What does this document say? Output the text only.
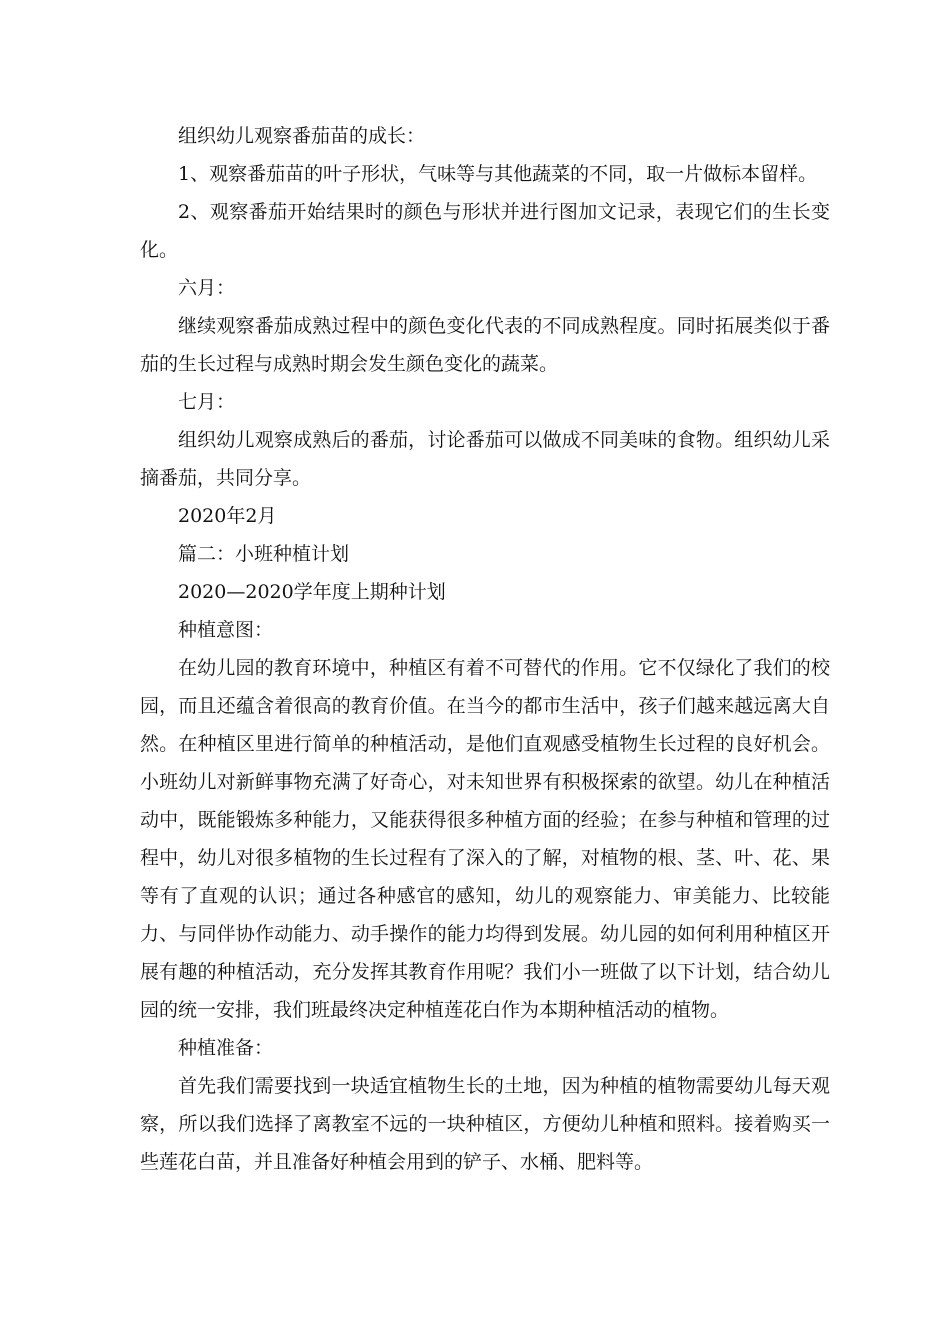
组织幼儿观察番茄苗的成长：

1、观察番茄苗的叶子形状，气味等与其他蔬菜的不同，取一片做标本留样。

2、观察番茄开始结果时的颜色与形状并进行图加文记录，表现它们的生长变化。

六月：

继续观察番茄成熟过程中的颜色变化代表的不同成熟程度。同时拓展类似于番茄的生长过程与成熟时期会发生颜色变化的蔬菜。

七月：

组织幼儿观察成熟后的番茄，讨论番茄可以做成不同美味的食物。组织幼儿采摘番茄，共同分享。

2020年2月

篇二：小班种植计划

2020—2020学年度上期种计划

种植意图：

在幼儿园的教育环境中，种植区有着不可替代的作用。它不仅绿化了我们的校园，而且还蕴含着很高的教育价值。在当今的都市生活中，孩子们越来越远离大自然。在种植区里进行简单的种植活动，是他们直观感受植物生长过程的良好机会。小班幼儿对新鲜事物充满了好奇心，对未知世界有积极探索的欲望。幼儿在种植活动中，既能锻炼多种能力，又能获得很多种植方面的经验；在参与种植和管理的过程中，幼儿对很多植物的生长过程有了深入的了解，对植物的根、茎、叶、花、果等有了直观的认识；通过各种感官的感知，幼儿的观察能力、审美能力、比较能力、与同伴协作动能力、动手操作的能力均得到发展。幼儿园的如何利用种植区开展有趣的种植活动，充分发挥其教育作用呢？我们小一班做了以下计划，结合幼儿园的统一安排，我们班最终决定种植莲花白作为本期种植活动的植物。

种植准备：

首先我们需要找到一块适宜植物生长的土地，因为种植的植物需要幼儿每天观察，所以我们选择了离教室不远的一块种植区，方便幼儿种植和照料。接着购买一些莲花白苗，并且准备好种植会用到的铲子、水桶、肥料等。
